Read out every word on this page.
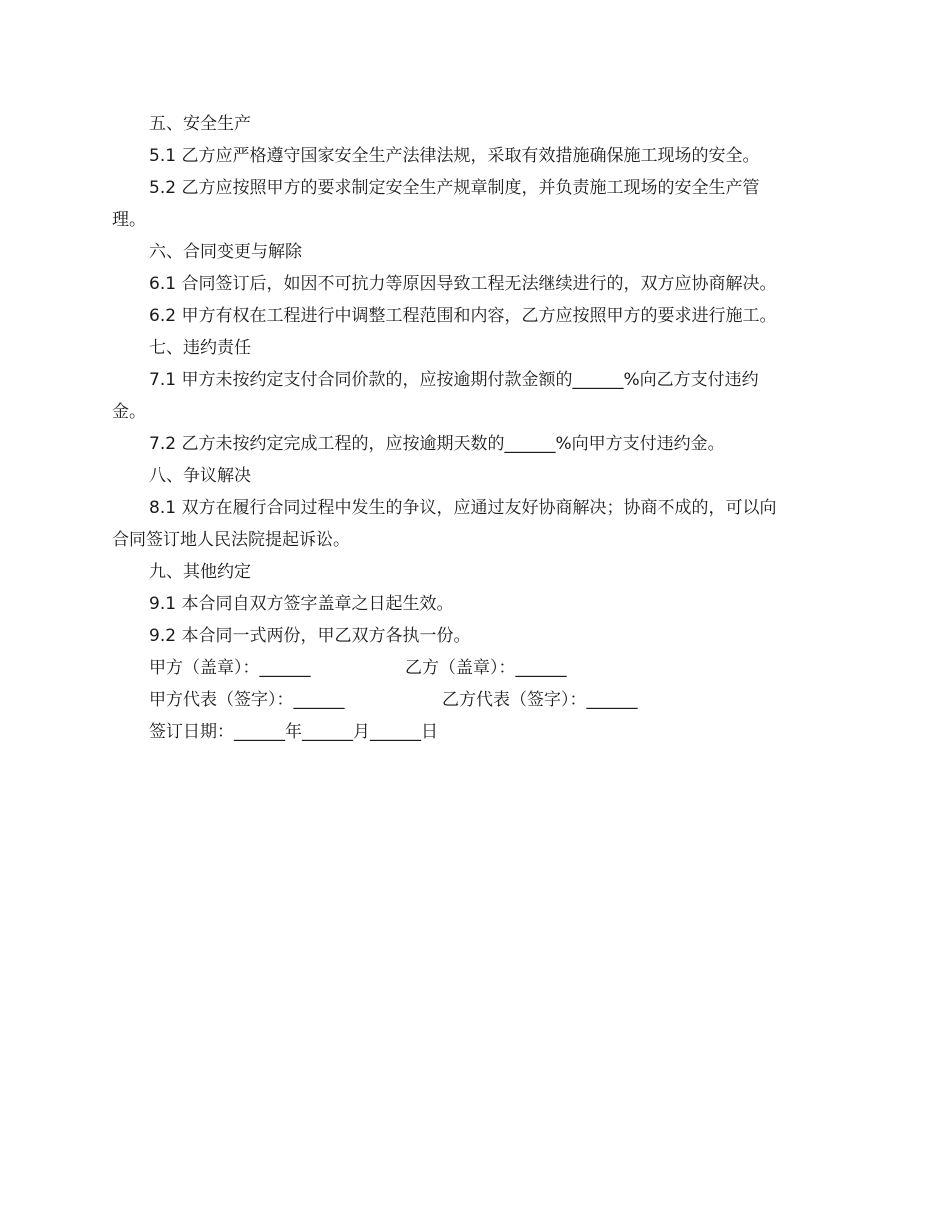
五、安全生产
5.1 乙方应严格遵守国家安全生产法律法规，采取有效措施确保施工现场的安全。
5.2 乙方应按照甲方的要求制定安全生产规章制度，并负责施工现场的安全生产管
理。
六、合同变更与解除
6.1 合同签订后，如因不可抗力等原因导致工程无法继续进行的，双方应协商解决。
6.2 甲方有权在工程进行中调整工程范围和内容，乙方应按照甲方的要求进行施工。
七、违约责任
7.1 甲方未按约定支付合同价款的，应按逾期付款金额的______%向乙方支付违约
金。
7.2 乙方未按约定完成工程的，应按逾期天数的______%向甲方支付违约金。
八、争议解决
8.1 双方在履行合同过程中发生的争议，应通过友好协商解决；协商不成的，可以向
合同签订地人民法院提起诉讼。
九、其他约定
9.1 本合同自双方签字盖章之日起生效。
9.2 本合同一式两份，甲乙双方各执一份。
甲方（盖章）：______	乙方（盖章）：______
甲方代表（签字）：______	乙方代表（签字）：______
签订日期：______年______月______日
